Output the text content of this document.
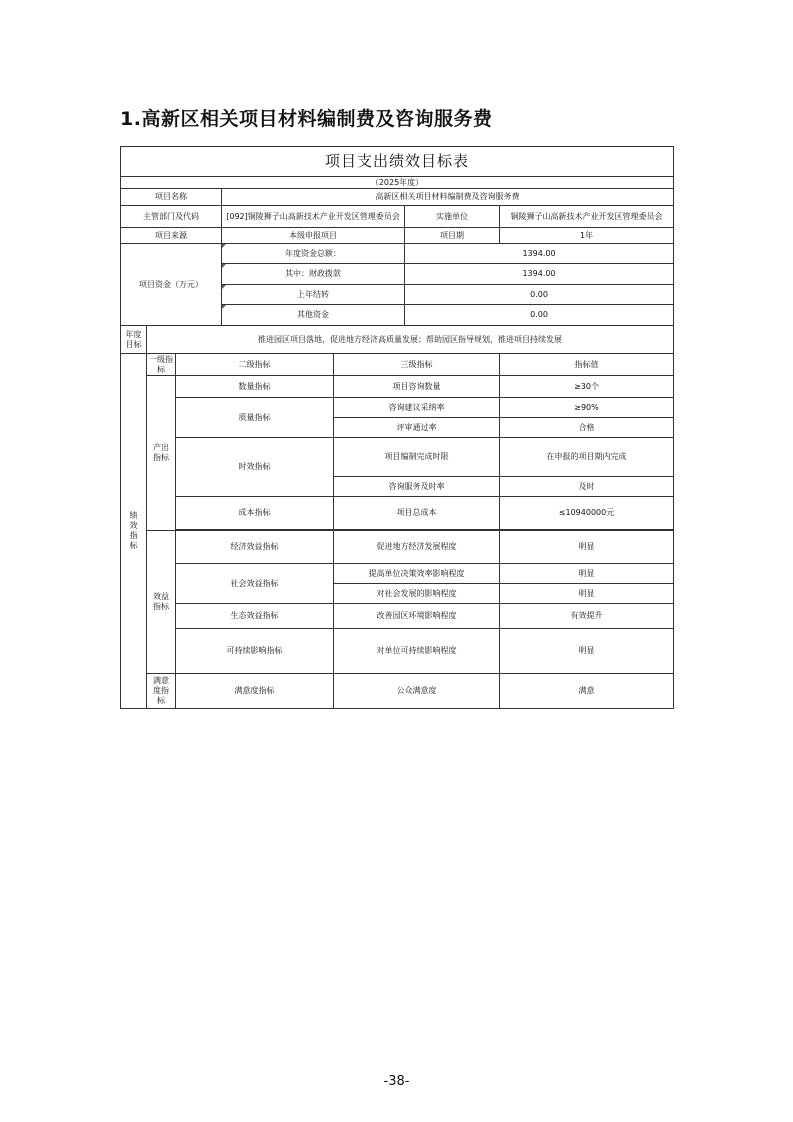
1.高新区相关项目材料编制费及咨询服务费
项目支出绩效目标表						
（2025年度）						
项目名称			高新区相关项目材料编制费及咨询服务费			
主管部门及代码			[092]铜陵狮子山高新技术产业开发区管理委员会		实施单位	铜陵狮子山高新技术产业开发区管理委员会
项目来源			本级申报项目		项目期	1年
项目资金（万元）			年度资金总额：		1394.00	
			其中：财政拨款		1394.00	
			上年结转		0.00	
			其他资金		0.00	
年度目标	推进园区项目落地，促进地方经济高质量发展；帮助园区指导规划，推进项目持续发展					
绩效指标	一级指标	二级指标		三级指标		指标值
	产出指标	数量指标		项目咨询数量		≥30个
		质量指标		咨询建议采纳率		≥90%
				评审通过率		合格
		时效指标		项目编制完成时限		在申报的项目期内完成
				咨询服务及时率		及时
		成本指标		项目总成本		≤10940000元

	效益指标	经济效益指标		促进地方经济发展程度		明显
		社会效益指标		提高单位决策效率影响程度		明显
				对社会发展的影响程度		明显
		生态效益指标		改善园区环境影响程度		有效提升
		可持续影响指标		对单位可持续影响程度		明显
	满意度指标	满意度指标		公众满意度		满意
-38-
